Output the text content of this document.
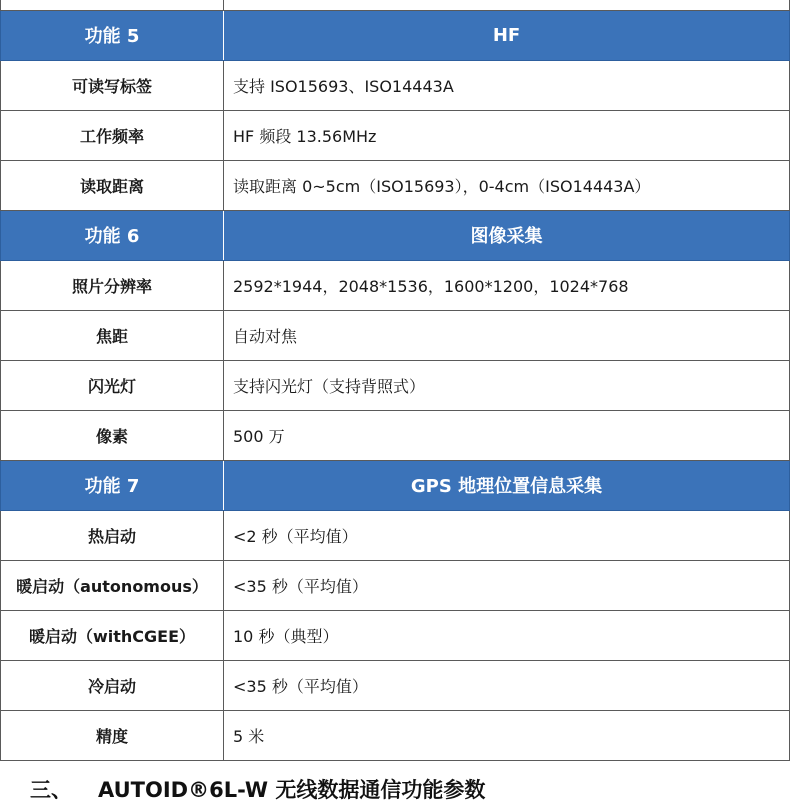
功能 5	HF
可读写标签	支持 ISO15693、ISO14443A
工作频率	HF 频段 13.56MHz
读取距离	读取距离 0~5cm（ISO15693），0-4cm（ISO14443A）
功能 6	图像采集
照片分辨率	2592*1944，2048*1536，1600*1200，1024*768
焦距	自动对焦
闪光灯	支持闪光灯（支持背照式）
像素	500 万
功能 7	GPS 地理位置信息采集
热启动	<2 秒（平均值）
暖启动（autonomous）	<35 秒（平均值）
暖启动（withCGEE）	10 秒（典型）
冷启动	<35 秒（平均值）
精度	5 米
三、 AUTOID®6L-W 无线数据通信功能参数
